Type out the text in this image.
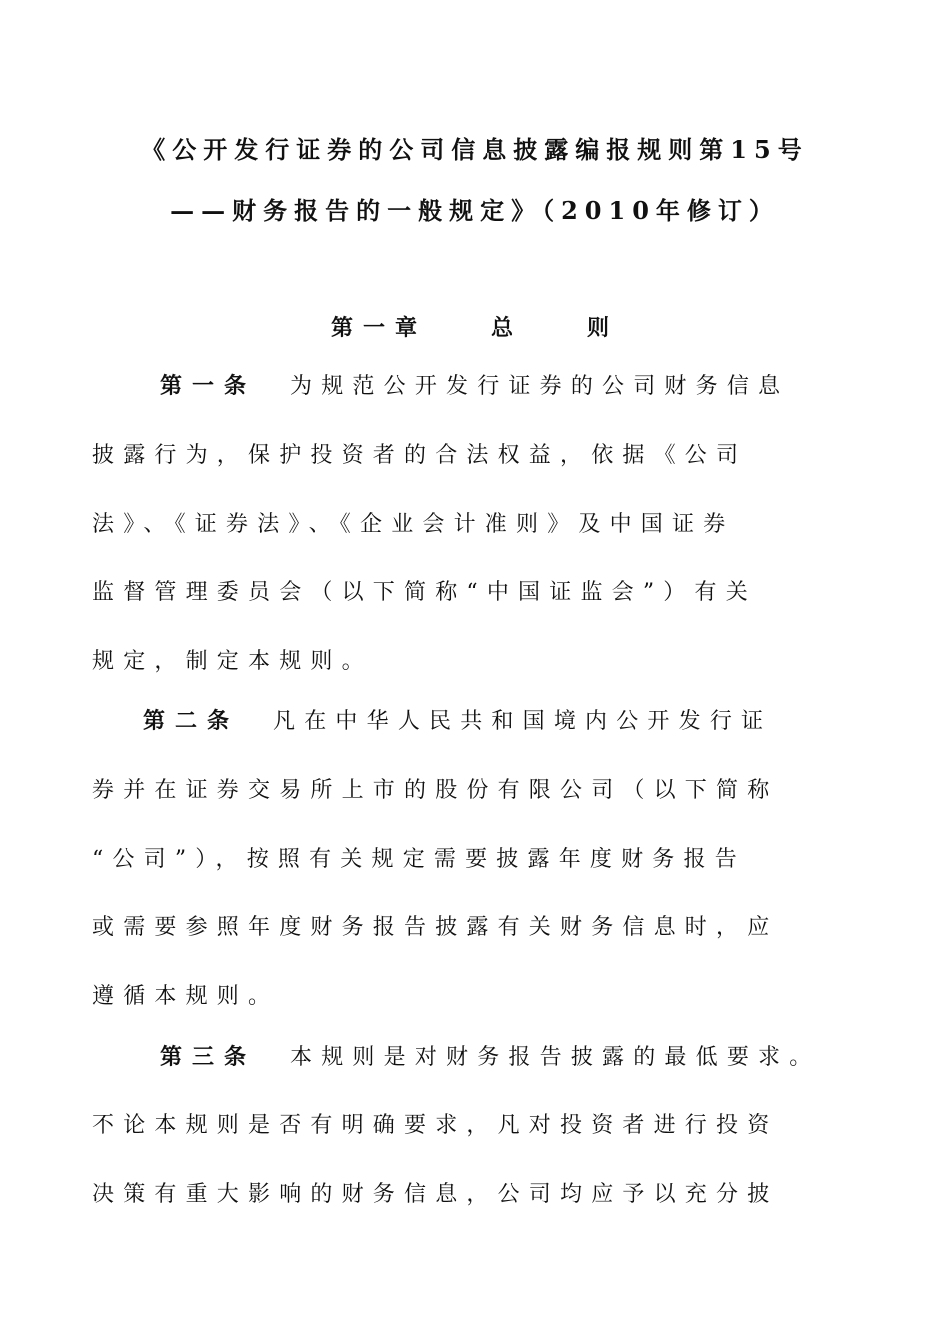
《公开发行证券的公司信息披露编报规则第15号
——财务报告的一般规定》（2010年修订）
第一章　　总　　则
第一条 为规范公开发行证券的公司财务信息
披露行为，保护投资者的合法权益，依据《公司
法》、《证券法》、《企业会计准则》及中国证券
监督管理委员会（以下简称“中国证监会”）有关
规定，制定本规则。
第二条 凡在中华人民共和国境内公开发行证
券并在证券交易所上市的股份有限公司（以下简称
“公司”），按照有关规定需要披露年度财务报告
或需要参照年度财务报告披露有关财务信息时，应
遵循本规则。
第三条 本规则是对财务报告披露的最低要求。
不论本规则是否有明确要求，凡对投资者进行投资
决策有重大影响的财务信息，公司均应予以充分披
